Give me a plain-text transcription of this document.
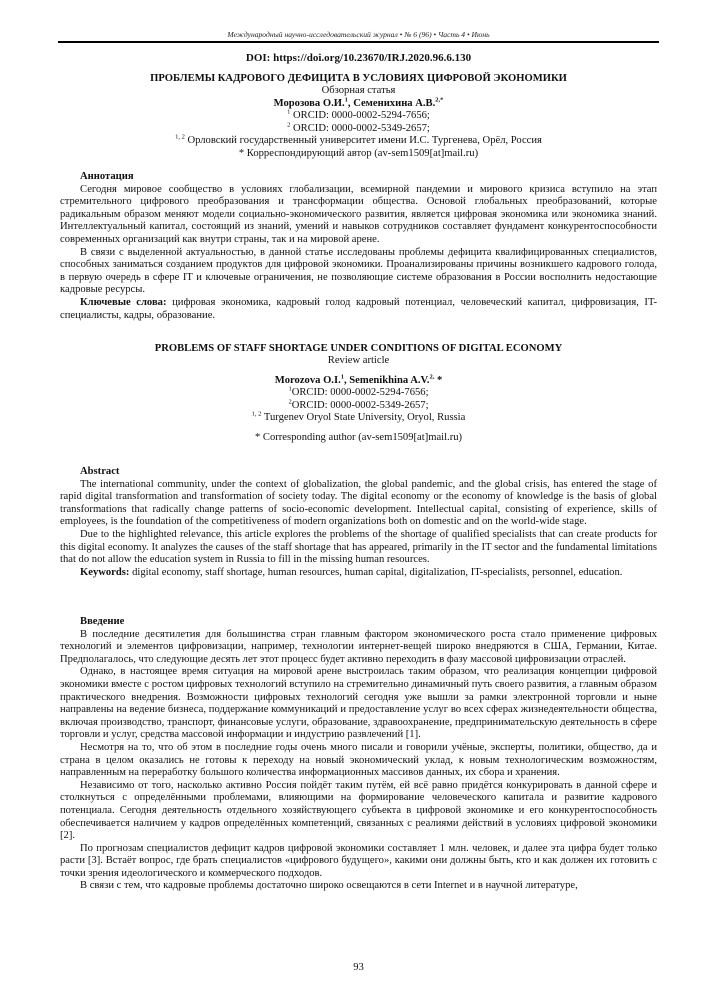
Международный научно-исследовательский журнал • № 6 (96) • Часть 4 • Июнь
DOI: https://doi.org/10.23670/IRJ.2020.96.6.130
ПРОБЛЕМЫ КАДРОВОГО ДЕФИЦИТА В УСЛОВИЯХ ЦИФРОВОЙ ЭКОНОМИКИ
Обзорная статья
Морозова О.И.$^1$, Семенихина А.В.$^{2,*}$
$^1$ ORCID: 0000-0002-5294-7656;
$^2$ ORCID: 0000-0002-5349-2657;
$^{1, 2}$ Орловский государственный университет имени И.С. Тургенева, Орёл, Россия
* Корреспондирующий автор (av-sem1509[at]mail.ru)
Аннотация

Сегодня мировое сообщество в условиях глобализации, всемирной пандемии и мирового кризиса вступило на этап стремительного цифрового преобразования и трансформации общества. Основой глобальных преобразований, которые радикальным образом меняют модели социально-экономического развития, является цифровая экономика или экономика знаний. Интеллектуальный капитал, состоящий из знаний, умений и навыков сотрудников составляет фундамент конкурентоспособности современных организаций как внутри страны, так и на мировой арене.

В связи с выделенной актуальностью, в данной статье исследованы проблемы дефицита квалифицированных специалистов, способных заниматься созданием продуктов для цифровой экономики. Проанализированы причины возникшего кадрового голода, в первую очередь в сфере IT и ключевые ограничения, не позволяющие системе образования в России восполнить недостающие кадровые ресурсы.

Ключевые слова: цифровая экономика, кадровый голод кадровый потенциал, человеческий капитал, цифровизация, IT-специалисты, кадры, образование.

PROBLEMS OF STAFF SHORTAGE UNDER CONDITIONS OF DIGITAL ECONOMY
Review article
Morozova O.I.$^1$, Semenikhina A.V.$^{2,}$ *
$^1$ORCID: 0000-0002-5294-7656;
$^2$ORCID: 0000-0002-5349-2657;
$^{1, 2}$ Turgenev Oryol State University, Oryol, Russia
* Corresponding author (av-sem1509[at]mail.ru)
Abstract

The international community, under the context of globalization, the global pandemic, and the global crisis, has entered the stage of rapid digital transformation and transformation of society today. The digital economy or the economy of knowledge is the basis of global transformations that radically change patterns of socio-economic development. Intellectual capital, consisting of experience, skills of employees, is the foundation of the competitiveness of modern organizations both on domestic and on the world-wide stage.

Due to the highlighted relevance, this article explores the problems of the shortage of qualified specialists that can create products for this digital economy. It analyzes the causes of the staff shortage that has appeared, primarily in the IT sector and the fundamental limitations that do not allow the education system in Russia to fill in the missing human resources.

Keywords: digital economy, staff shortage, human resources, human capital, digitalization, IT-specialists, personnel, education.

Введение

В последние десятилетия для большинства стран главным фактором экономического роста стало применение цифровых технологий и элементов цифровизации, например, технологии интернет-вещей широко внедряются в США, Германии, Китае. Предполагалось, что следующие десять лет этот процесс будет активно переходить в фазу массовой цифровизации отраслей.

Однако, в настоящее время ситуация на мировой арене выстроилась таким образом, что реализация концепции цифровой экономики вместе с ростом цифровых технологий вступило на стремительно динамичный путь своего развития, а главным образом практического внедрения. Возможности цифровых технологий сегодня уже вышли за рамки электронной торговли и ныне направлены на ведение бизнеса, поддержание коммуникаций и предоставление услуг во всех сферах жизнедеятельности общества, включая производство, транспорт, финансовые услуги, образование, здравоохранение, предпринимательскую деятельность в сфере торговли и услуг, средства массовой информации и индустрию развлечений [1].

Несмотря на то, что об этом в последние годы очень много писали и говорили учёные, эксперты, политики, общество, да и страна в целом оказались не готовы к переходу на новый экономический уклад, к новым технологическим возможностям, направленным на переработку большого количества информационных массивов данных, их сбора и хранения.

Независимо от того, насколько активно Россия пойдёт таким путём, ей всё равно придётся конкурировать в данной сфере и столкнуться с определёнными проблемами, влияющими на формирование человеческого капитала и развитие кадрового потенциала. Сегодня деятельность отдельного хозяйствующего субъекта в цифровой экономике и его конкурентоспособность обеспечивается наличием у кадров определённых компетенций, связанных с реалиями действий в условиях цифровой экономики [2].

По прогнозам специалистов дефицит кадров цифровой экономики составляет 1 млн. человек, и далее эта цифра будет только расти [3]. Встаёт вопрос, где брать специалистов «цифрового будущего», какими они должны быть, кто и как должен их готовить с точки зрения идеологического и коммерческого подходов.

В связи с тем, что кадровые проблемы достаточно широко освещаются в сети Internet и в научной литературе,

93
